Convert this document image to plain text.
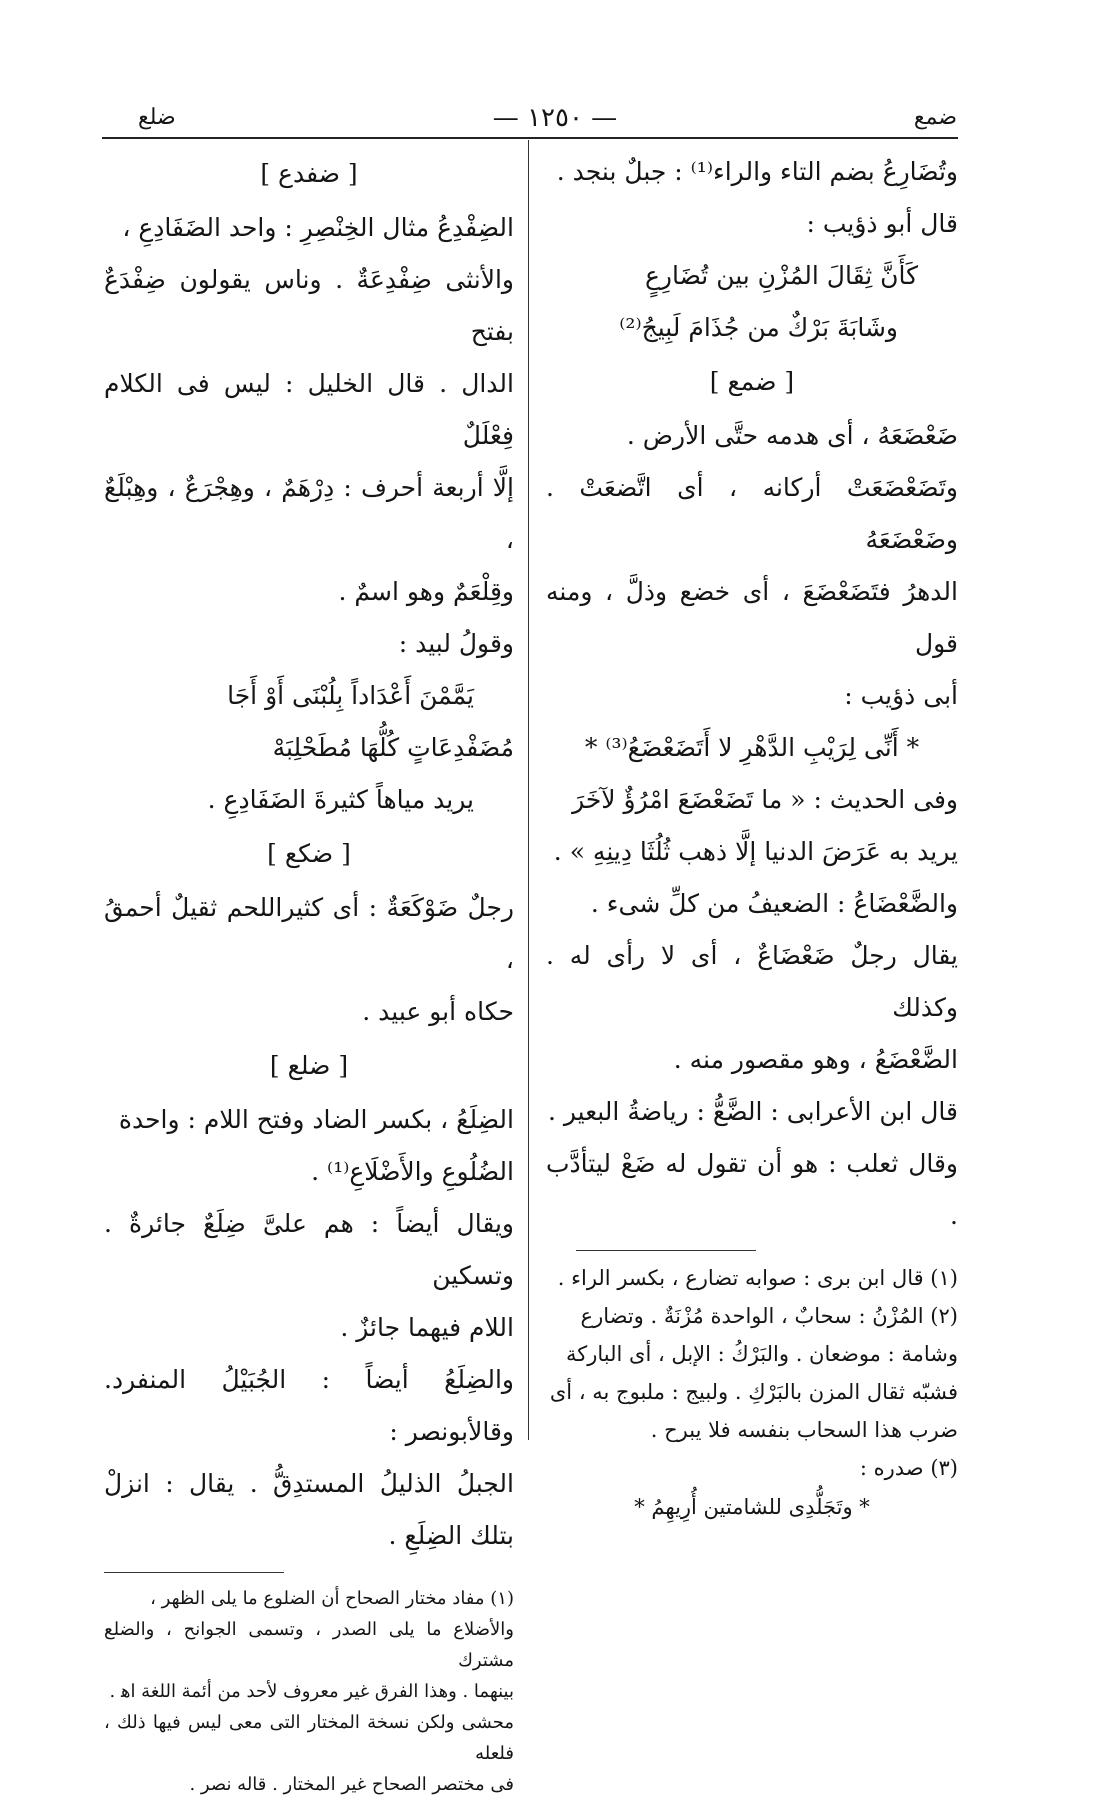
ضمع
— ١٢٥٠ —
ضلع

وتُضَارِعُ بضم التاء والراء⁽¹⁾ : جبلٌ بنجد .

قال أبو ذؤيب :

كَأَنَّ ثِقَالَ المُزْنِ بين تُضَارِعٍ

وشَابَةَ بَرْكٌ من جُذَامَ لَبِيجُ⁽²⁾

[ ضمع ]

ضَعْضَعَهُ ، أى هدمه حتَّى الأرض .

وتَضَعْضَعَتْ أركانه ، أى اتَّضعَتْ . وضَعْضَعَهُ

الدهرُ فتَضَعْضَعَ ، أى خضع وذلَّ ، ومنه قول

أبى ذؤيب :

* أَنِّى لِرَيْبِ الدَّهْرِ لا أَتَضَعْضَعُ⁽³⁾ *

وفى الحديث : « ما تَضَعْضَعَ امْرُؤٌ لآخَرَ

يريد به عَرَضَ الدنيا إلَّا ذهب ثُلُثَا دِينِهِ » .

والضَّعْضَاعُ : الضعيفُ من كلِّ شىء .

يقال رجلٌ ضَعْضَاعٌ ، أى لا رأى له . وكذلك

الضَّعْضَعُ ، وهو مقصور منه .

قال ابن الأعرابى : الضَّعُّ : رياضةُ البعير .

وقال ثعلب : هو أن تقول له ضَعْ ليتأدَّب .

(١) قال ابن برى : صوابه تضارع ، بكسر الراء .

(٢) المُزْنُ : سحابٌ ، الواحدة مُزْنَةٌ . وتضارع

وشامة : موضعان . والبَرْكُ : الإبل ، أى الباركة

فشبّه ثقال المزن بالبَرْكِ . ولبيج : ملبوج به ، أى

ضرب هذا السحاب بنفسه فلا يبرح .

(٣) صدره :

* وتَجَلُّدِى للشامتين أُرِيهِمُ *

[ ضفدع ]

الضِفْدِعُ مثال الخِنْصِرِ : واحد الضَفَادِعِ ،

والأنثى ضِفْدِعَةٌ . وناس يقولون ضِفْدَعٌ بفتح

الدال . قال الخليل : ليس فى الكلام فِعْلَلٌ

إلَّا أربعة أحرف : دِرْهَمٌ ، وهِجْرَعٌ ، وهِبْلَعٌ ،

وقِلْعَمٌ وهو اسمٌ .

وقولُ لبيد :

يَمَّمْنَ أَعْدَاداً بِلُبْنَى أَوْ أَجَا

مُضَفْدِعَاتٍ كُلُّهَا مُطَحْلِبَهْ

يريد مياهاً كثيرةَ الضَفَادِعِ .

[ ضكع ]

رجلٌ ضَوْكَعَةٌ : أى كثيراللحم ثقيلٌ أحمقُ ،

حكاه أبو عبيد .

[ ضلع ]

الضِلَعُ ، بكسر الضاد وفتح اللام : واحدة

الضُلُوعِ والأَضْلَاعِ⁽¹⁾ .

ويقال أيضاً : هم علىَّ ضِلَعٌ جائرةٌ . وتسكين

اللام فيهما جائزٌ .

والضِلَعُ أيضاً : الجُبَيْلُ المنفرد. وقالأبونصر :

الجبلُ الذليلُ المستدِقُّ . يقال : انزلْ بتلك الضِلَعِ .

(١) مفاد مختار الصحاح أن الضلوع ما يلى الظهر ،

والأضلاع ما يلى الصدر ، وتسمى الجوانح ، والضلع مشترك

بينهما . وهذا الفرق غير معروف لأحد من أئمة اللغة اﻫ .

محشى ولكن نسخة المختار التى معى ليس فيها ذلك ، فلعله

فى مختصر الصحاح غير المختار . قاله نصر .
